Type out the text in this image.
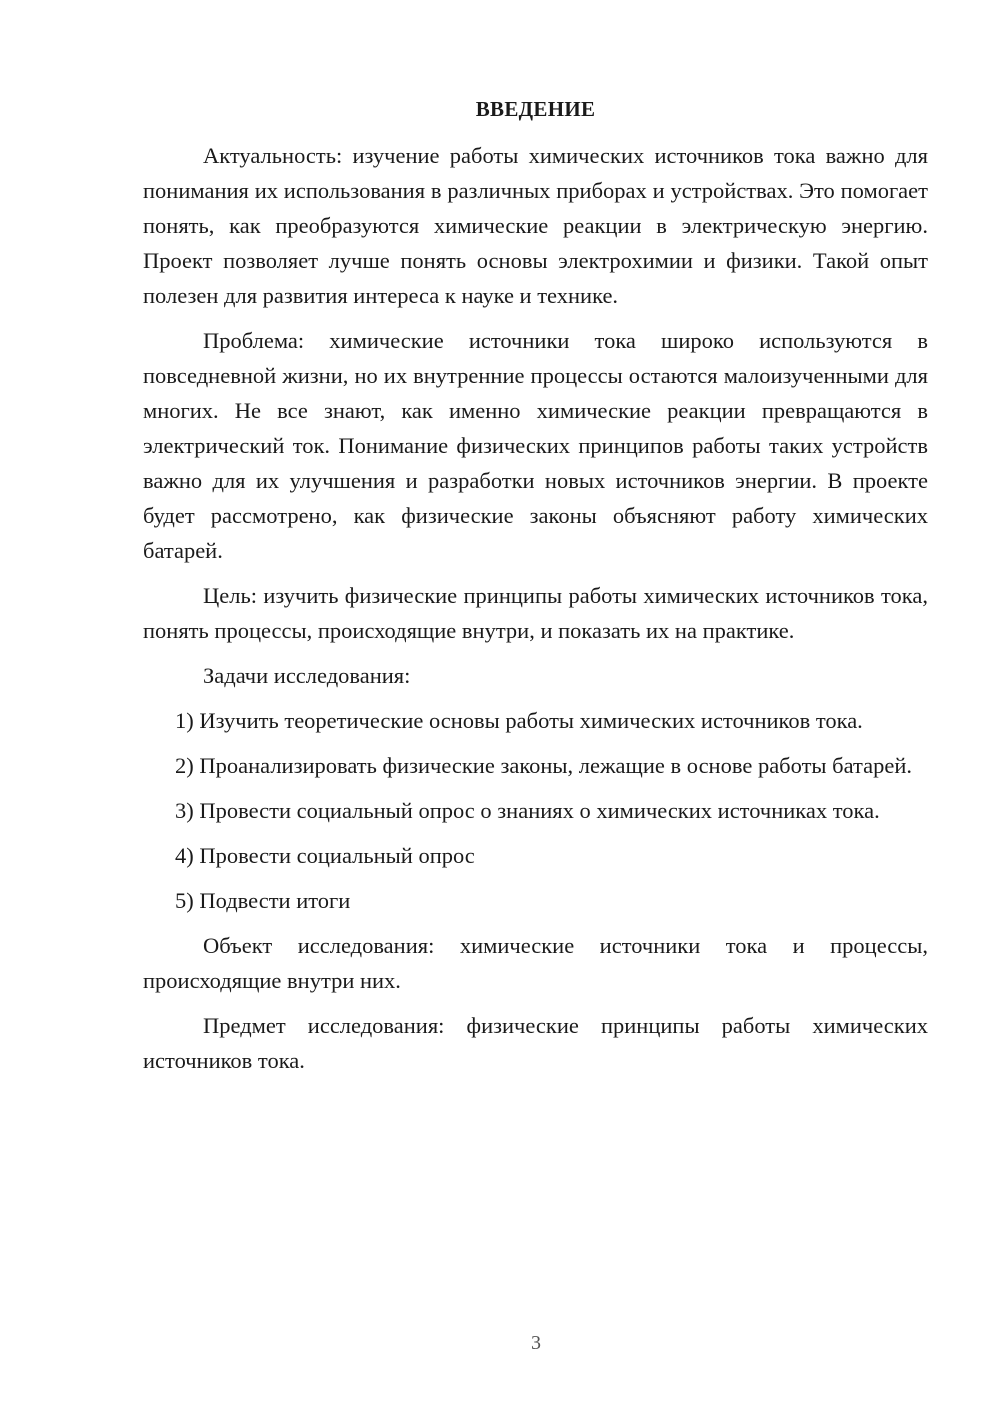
ВВЕДЕНИЕ

Актуальность: изучение работы химических источников тока важно для понимания их использования в различных приборах и устройствах. Это помогает понять, как преобразуются химические реакции в электрическую энергию. Проект позволяет лучше понять основы электрохимии и физики. Такой опыт полезен для развития интереса к науке и технике.

Проблема: химические источники тока широко используются в повседневной жизни, но их внутренние процессы остаются малоизученными для многих. Не все знают, как именно химические реакции превращаются в электрический ток. Понимание физических принципов работы таких устройств важно для их улучшения и разработки новых источников энергии. В проекте будет рассмотрено, как физические законы объясняют работу химических батарей.

Цель: изучить физические принципы работы химических источников тока, понять процессы, происходящие внутри, и показать их на практике.

Задачи исследования:

1) Изучить теоретические основы работы химических источников тока.

2) Проанализировать физические законы, лежащие в основе работы батарей.

3) Провести социальный опрос о знаниях о химических источниках тока.

4) Провести социальный опрос

5) Подвести итоги

Объект исследования: химические источники тока и процессы, происходящие внутри них.

Предмет исследования: физические принципы работы химических источников тока.

3
